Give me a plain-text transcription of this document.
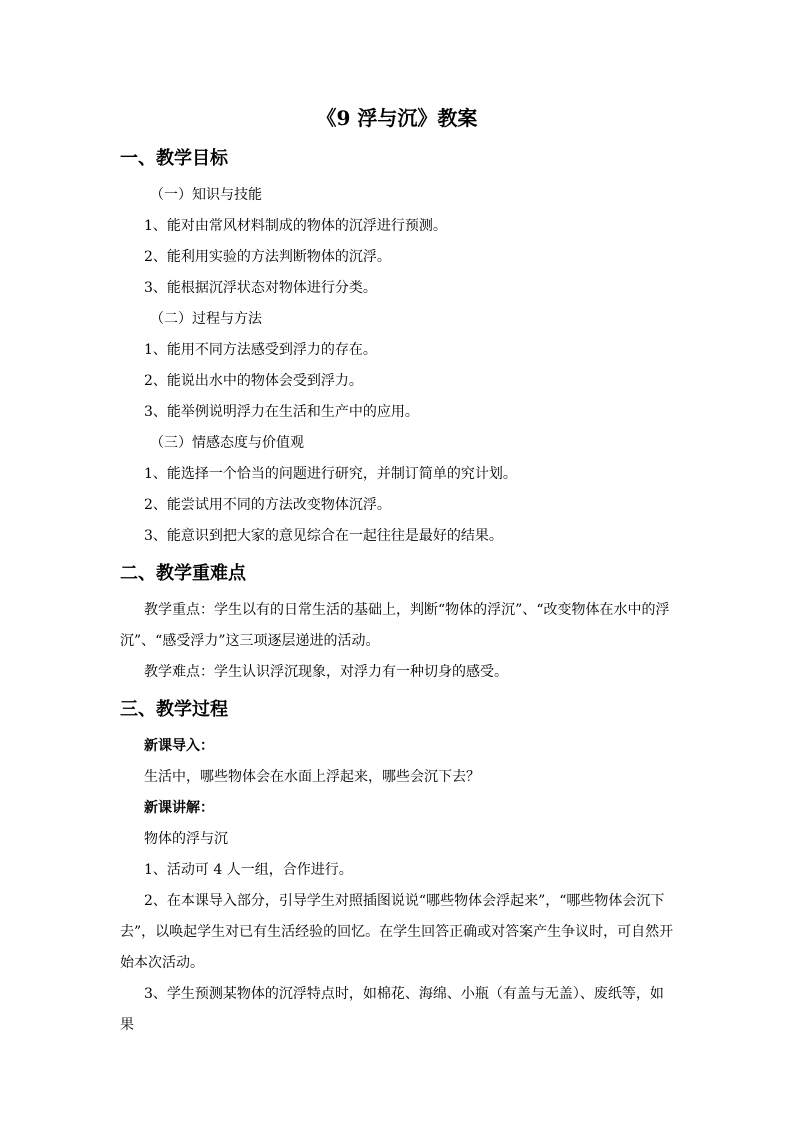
《9 浮与沉》教案
一、教学目标
（一）知识与技能
1、能对由常风材料制成的物体的沉浮进行预测。
2、能利用实验的方法判断物体的沉浮。
3、能根据沉浮状态对物体进行分类。
（二）过程与方法
1、能用不同方法感受到浮力的存在。
2、能说出水中的物体会受到浮力。
3、能举例说明浮力在生活和生产中的应用。
（三）情感态度与价值观
1、能选择一个恰当的问题进行研究，并制订简单的究计划。
2、能尝试用不同的方法改变物体沉浮。
3、能意识到把大家的意见综合在一起往往是最好的结果。
二、教学重难点
教学重点：学生以有的日常生活的基础上，判断“物体的浮沉”、“改变物体在水中的浮沉”、“感受浮力”这三项逐层递进的活动。
教学难点：学生认识浮沉现象，对浮力有一种切身的感受。
三、教学过程
新课导入：
生活中，哪些物体会在水面上浮起来，哪些会沉下去？
新课讲解：
物体的浮与沉
1、活动可 4 人一组，合作进行。
2、在本课导入部分，引导学生对照插图说说“哪些物体会浮起来”，“哪些物体会沉下去”，以唤起学生对已有生活经验的回忆。在学生回答正确或对答案产生争议时，可自然开始本次活动。
3、学生预测某物体的沉浮特点时，如棉花、海绵、小瓶（有盖与无盖）、废纸等，如果
